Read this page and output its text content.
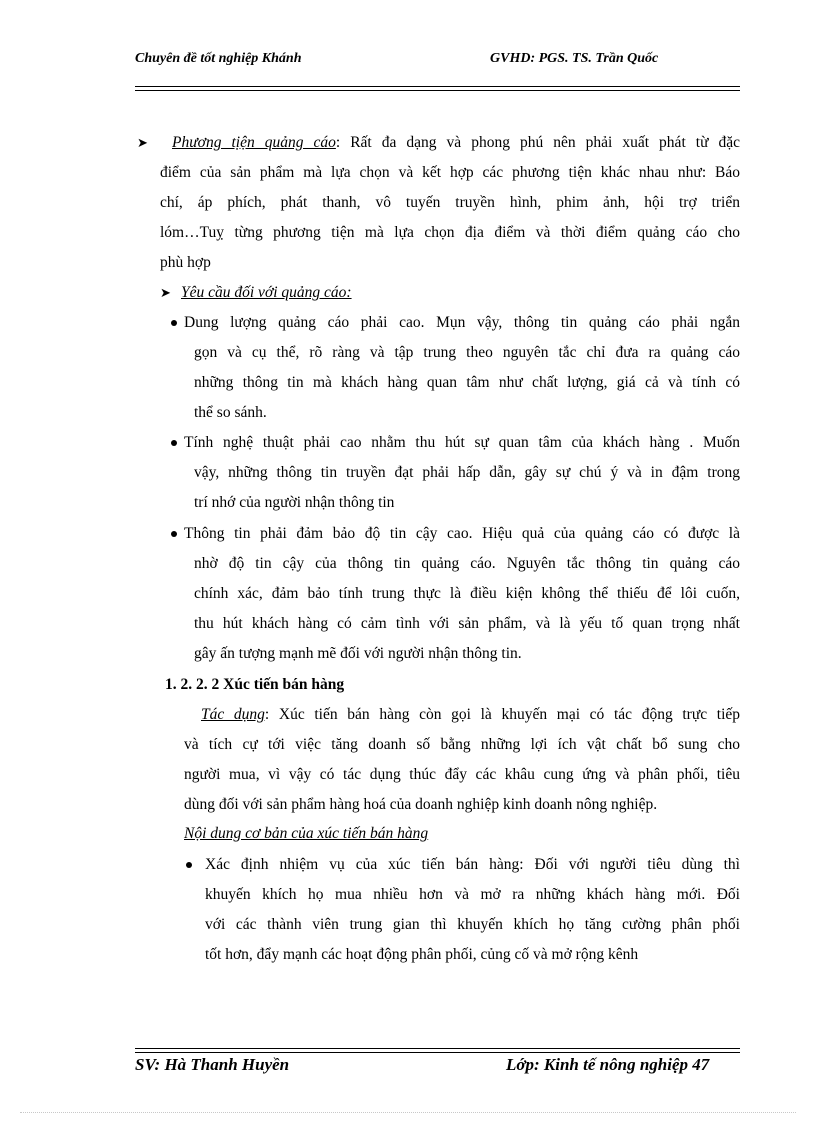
Chuyên đề tốt nghiệp Khánh	GVHD: PGS. TS. Trần Quốc
➤ Phương tịện quảng cáo: Rất đa dạng và phong phú nên phải xuất phát từ đặc
điểm của sản phẩm mà lựa chọn và kết hợp các phương tiện khác nhau như: Báo
chí, áp phích, phát thanh, vô tuyến truyền hình, phim ảnh, hội trợ triển
lóm…Tuỵ từng phương tiện mà lựa chọn địa điểm và thời điểm quảng cáo cho
phù hợp
➤ Yêu cầu đối với quảng cáo:
Dung lượng quảng cáo phải cao. Mụn vậy, thông tin quảng cáo phải ngắn
gọn và cụ thể, rõ ràng và tập trung theo nguyên tắc chỉ đưa ra quảng cáo
những thông tin mà khách hàng quan tâm như chất lượng, giá cả và tính có
thể so sánh.
Tính nghệ thuật phải cao nhằm thu hút sự quan tâm của khách hàng . Muốn
vậy, những thông tin truyền đạt phải hấp dẫn, gây sự chú ý và in đậm trong
trí nhớ của người nhận thông tin
Thông tin phải đảm bảo độ tin cậy cao. Hiệu quả của quảng cáo có được là
nhờ độ tin cậy của thông tin quảng cáo. Nguyên tắc thông tin quảng cáo
chính xác, đảm bảo tính trung thực là điều kiện không thể thiếu để lôi cuốn,
thu hút khách hàng có cảm tình với sản phẩm, và là yếu tố quan trọng nhất
gây ấn tượng mạnh mẽ đối với người nhận thông tin.
1. 2. 2. 2 Xúc tiến bán hàng
Tác dụng: Xúc tiến bán hàng còn gọi là khuyến mại có tác động trực tiếp
và tích cự tới việc tăng doanh số bằng những lợi ích vật chất bổ sung cho
người mua, vì vậy có tác dụng thúc đẩy các khâu cung ứng và phân phối, tiêu
dùng đối với sản phẩm hàng hoá của doanh nghiệp kinh doanh nông nghiệp.
Nội dung cơ bản của xúc tiến bán hàng
Xác định nhiệm vụ của xúc tiến bán hàng: Đối với người tiêu dùng thì
khuyến khích họ mua nhiều hơn và mở ra những khách hàng mới. Đối
với các thành viên trung gian thì khuyến khích họ tăng cường phân phối
tốt hơn, đẩy mạnh các hoạt động phân phối, củng cố và mở rộng kênh
SV: Hà Thanh Huyền	Lớp: Kinh tế nông nghiệp 47
